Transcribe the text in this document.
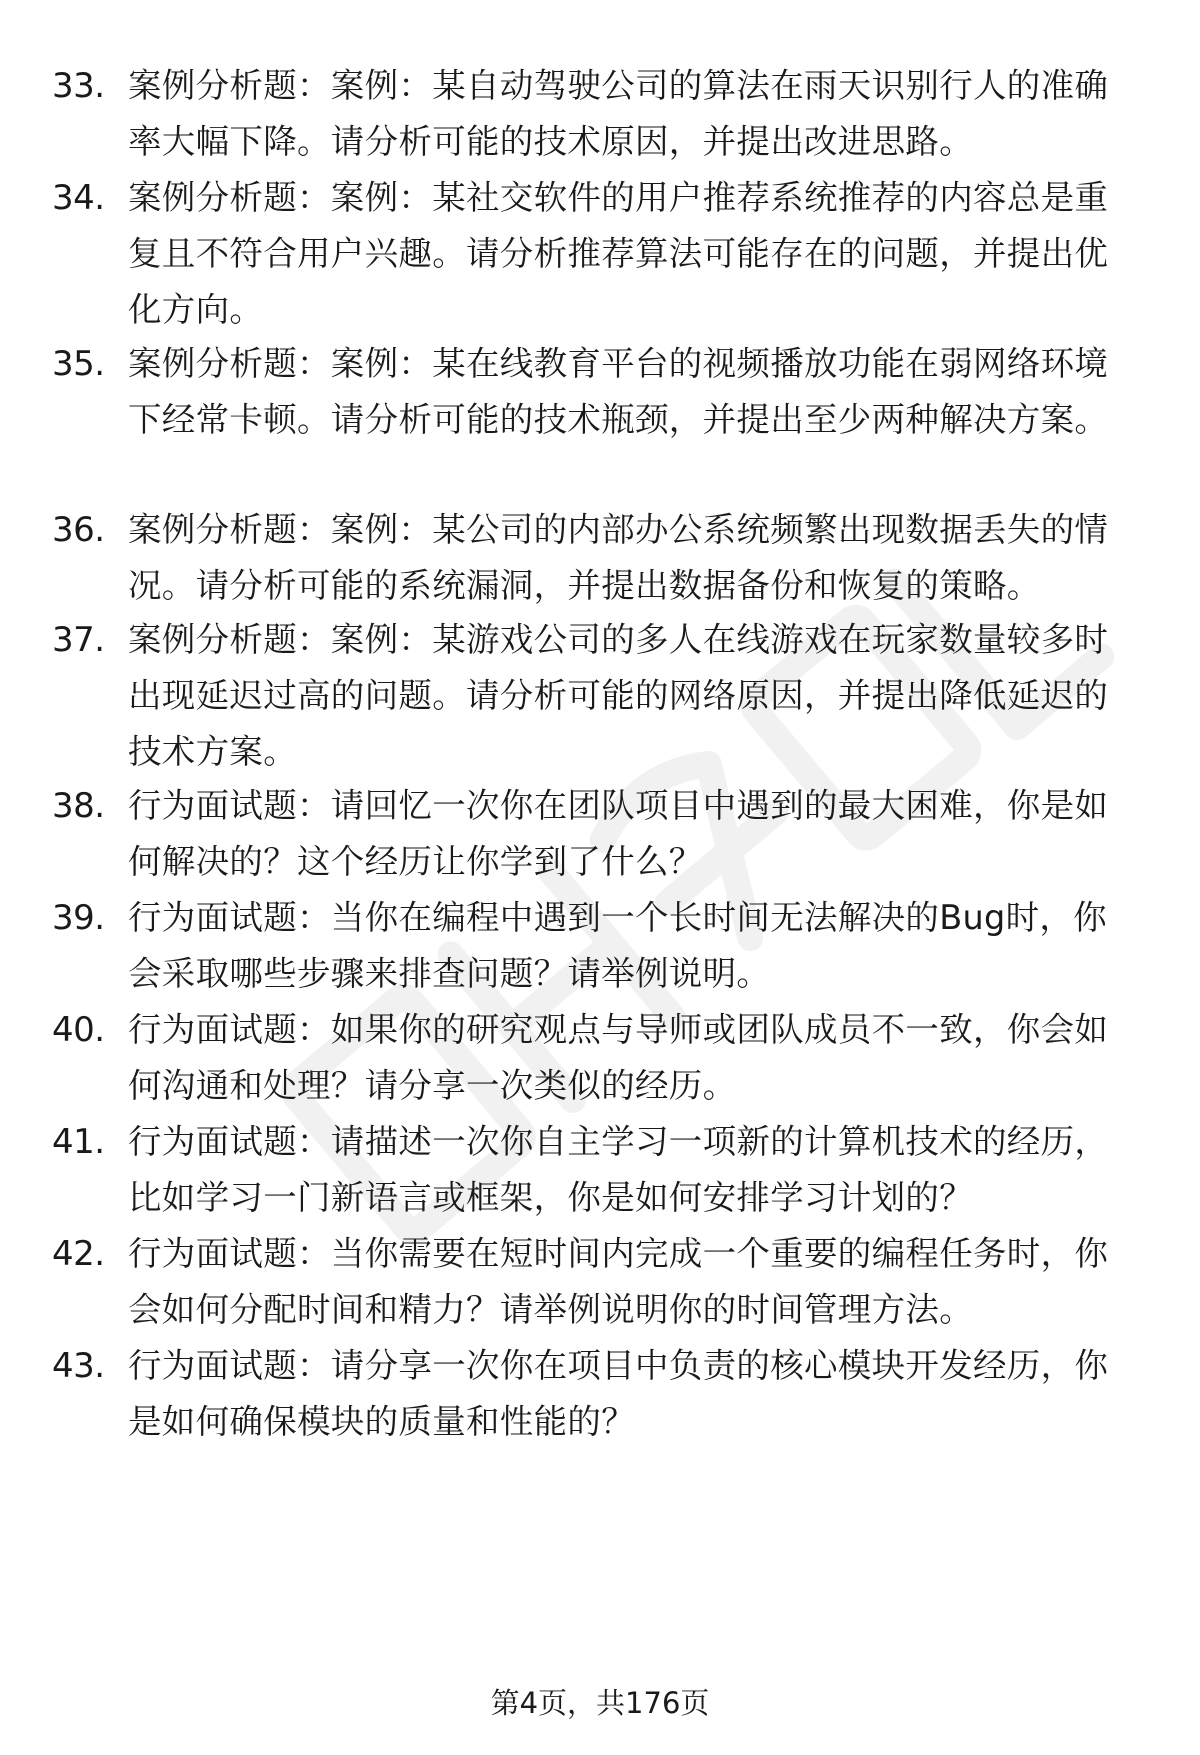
33. 案例分析题：案例：某自动驾驶公司的算法在雨天识别行人的准确率大幅下降。请分析可能的技术原因，并提出改进思路。
34. 案例分析题：案例：某社交软件的用户推荐系统推荐的内容总是重复且不符合用户兴趣。请分析推荐算法可能存在的问题，并提出优化方向。
35. 案例分析题：案例：某在线教育平台的视频播放功能在弱网络环境下经常卡顿。请分析可能的技术瓶颈，并提出至少两种解决方案。
36. 案例分析题：案例：某公司的内部办公系统频繁出现数据丢失的情况。请分析可能的系统漏洞，并提出数据备份和恢复的策略。
37. 案例分析题：案例：某游戏公司的多人在线游戏在玩家数量较多时出现延迟过高的问题。请分析可能的网络原因，并提出降低延迟的技术方案。
38. 行为面试题：请回忆一次你在团队项目中遇到的最大困难，你是如何解决的？这个经历让你学到了什么？
39. 行为面试题：当你在编程中遇到一个长时间无法解决的Bug时，你会采取哪些步骤来排查问题？请举例说明。
40. 行为面试题：如果你的研究观点与导师或团队成员不一致，你会如何沟通和处理？请分享一次类似的经历。
41. 行为面试题：请描述一次你自主学习一项新的计算机技术的经历，比如学习一门新语言或框架，你是如何安排学习计划的？
42. 行为面试题：当你需要在短时间内完成一个重要的编程任务时，你会如何分配时间和精力？请举例说明你的时间管理方法。
43. 行为面试题：请分享一次你在项目中负责的核心模块开发经历，你是如何确保模块的质量和性能的？
第4页，共176页
